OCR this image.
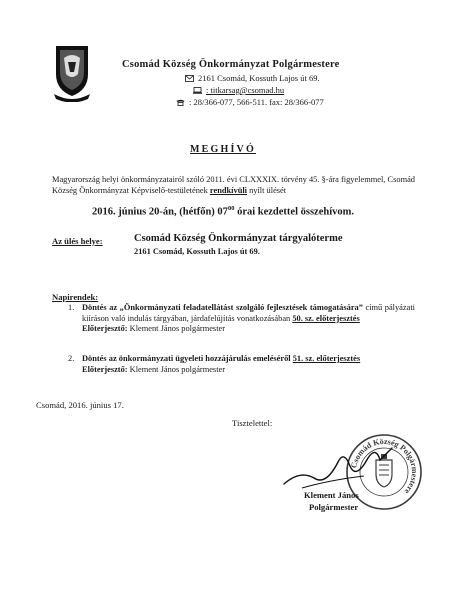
Csomád Község Önkormányzat Polgármestere
2161 Csomád, Kossuth Lajos út 69.
: titkarsag@csomad.hu
: 28/366-077, 566-511. fax: 28/366-077
MEGHÍVÓ
Magyarország helyi önkormányzatairól szóló 2011. évi CLXXXIX. törvény 45. §-ára figyelemmel, Csomád Község Önkormányzat Képviselő-testületének rendkívüli nyílt ülését
2016. június 20-án, (hétfőn) $07^{00}$ órai kezdettel összehívom.
Az ülés helye:	Csomád Község Önkormányzat tárgyalóterme
2161 Csomád, Kossuth Lajos út 69.
Napirendek:
1. Döntés az „Önkormányzati feladatellátást szolgáló fejlesztések támogatására” című pályázati kiíráson való indulás tárgyában, járdafelújítás vonatkozásában 50. sz. előterjesztés
Előterjesztő: Klement János polgármester
2. Döntés az önkormányzati ügyeleti hozzájárulás emeléséről 51. sz. előterjesztés
Előterjesztő: Klement János polgármester
Csomád, 2016. június 17.
Tisztelettel:
Csomád Község Polgármestere
Klement János
Polgármester
